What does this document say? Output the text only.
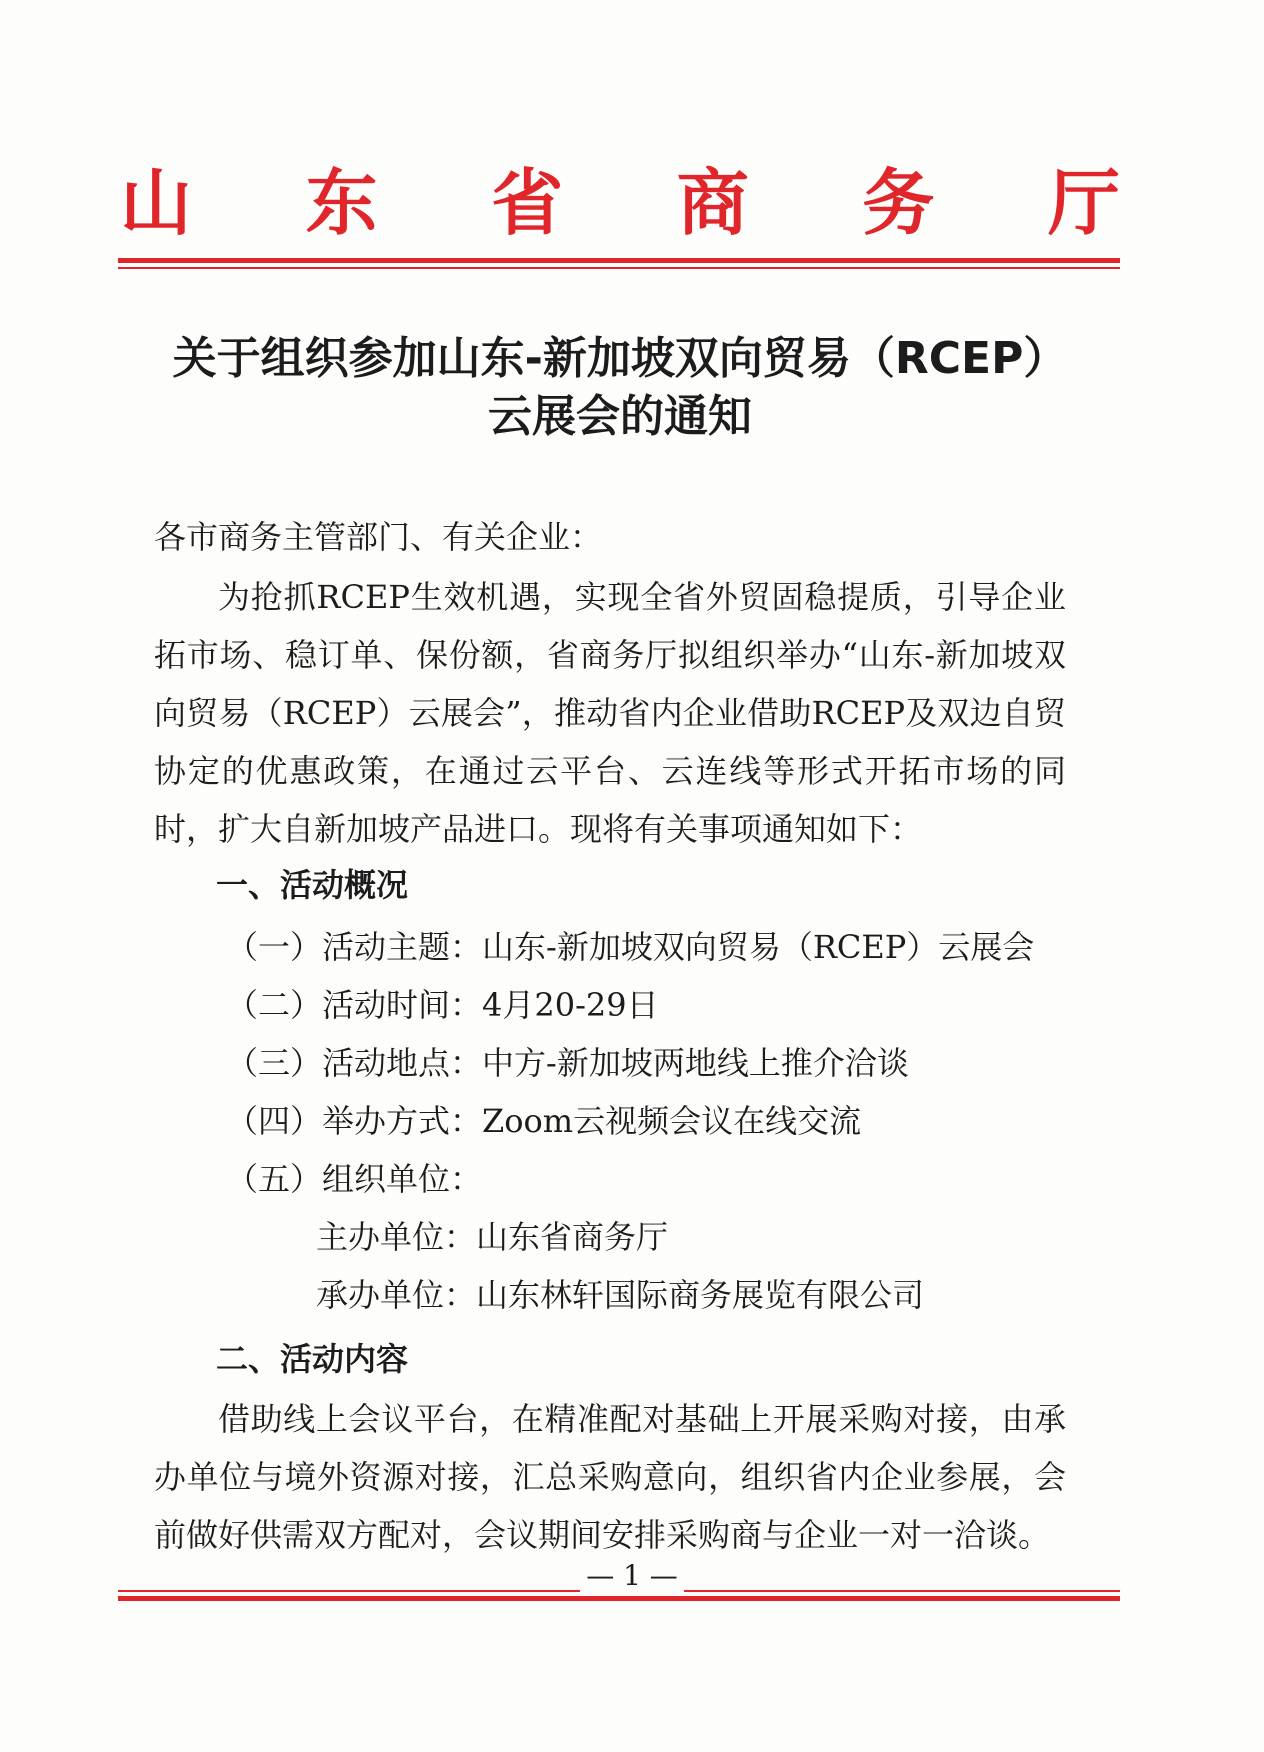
山 东 省 商 务 厅
关于组织参加山东-新加坡双向贸易（RCEP）
云展会的通知
各市商务主管部门、有关企业：
为抢抓RCEP生效机遇，实现全省外贸固稳提质，引导企业拓市场、稳订单、保份额，省商务厅拟组织举办“山东-新加坡双向贸易（RCEP）云展会”，推动省内企业借助RCEP及双边自贸协定的优惠政策，在通过云平台、云连线等形式开拓市场的同时，扩大自新加坡产品进口。现将有关事项通知如下：
一、活动概况
（一）活动主题：山东-新加坡双向贸易（RCEP）云展会
（二）活动时间：4月20-29日
（三）活动地点：中方-新加坡两地线上推介洽谈
（四）举办方式：Zoom云视频会议在线交流
（五）组织单位：
主办单位：山东省商务厅
承办单位：山东林轩国际商务展览有限公司
二、活动内容
借助线上会议平台，在精准配对基础上开展采购对接，由承办单位与境外资源对接，汇总采购意向，组织省内企业参展，会前做好供需双方配对，会议期间安排采购商与企业一对一洽谈。
— 1 —
